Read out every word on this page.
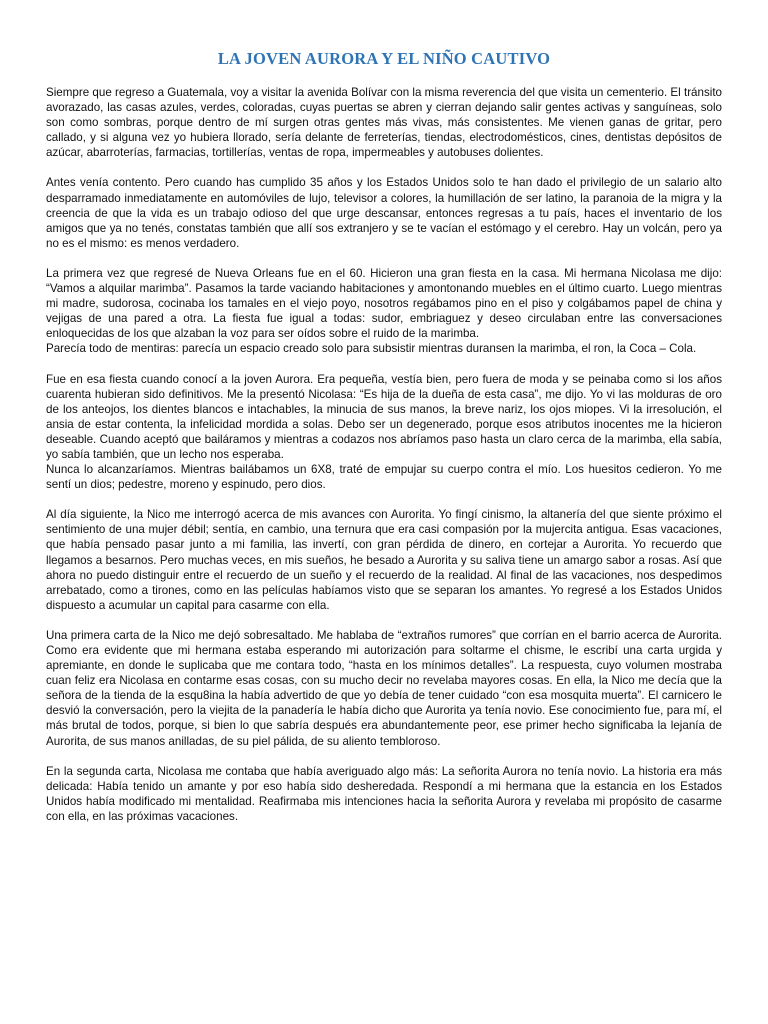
LA JOVEN AURORA Y EL NIÑO CAUTIVO

Siempre que regreso a Guatemala, voy a visitar la avenida Bolívar con la misma reverencia del que visita un cementerio. El tránsito avorazado, las casas azules, verdes, coloradas, cuyas puertas se abren y cierran dejando salir gentes activas y sanguíneas, solo son como sombras, porque dentro de mí surgen otras gentes más vivas, más consistentes. Me vienen ganas de gritar, pero callado, y si alguna vez yo hubiera llorado, sería delante de ferreterías, tiendas, electrodomésticos, cines, dentistas depósitos de azúcar, abarroterías, farmacias, tortillerías, ventas de ropa, impermeables y autobuses dolientes.

Antes venía contento. Pero cuando has cumplido 35 años y los Estados Unidos solo te han dado el privilegio de un salario alto desparramado inmediatamente en automóviles de lujo, televisor a colores, la humillación de ser latino, la paranoia de la migra y la creencia de que la vida es un trabajo odioso del que urge descansar, entonces regresas a tu país, haces el inventario de los amigos que ya no tenés, constatas también que allí sos extranjero y se te vacían el estómago y el cerebro. Hay un volcán, pero ya no es el mismo: es menos verdadero.

La primera vez que regresé de Nueva Orleans fue en el 60. Hicieron una gran fiesta en la casa. Mi hermana Nicolasa me dijo: “Vamos a alquilar marimba”. Pasamos la tarde vaciando habitaciones y amontonando muebles en el último cuarto. Luego mientras mi madre, sudorosa, cocinaba los tamales en el viejo poyo, nosotros regábamos pino en el piso y colgábamos papel de china y vejigas de una pared a otra. La fiesta fue igual a todas: sudor, embriaguez y deseo circulaban entre las conversaciones enloquecidas de los que alzaban la voz para ser oídos sobre el ruido de la marimba.
Parecía todo de mentiras: parecía un espacio creado solo para subsistir mientras duransen la marimba, el ron, la Coca – Cola.

Fue en esa fiesta cuando conocí a la joven Aurora. Era pequeña, vestía bien, pero fuera de moda y se peinaba como si los años cuarenta hubieran sido definitivos. Me la presentó Nicolasa: “Es hija de la dueña de esta casa”, me dijo. Yo vi las molduras de oro de los anteojos, los dientes blancos e intachables, la minucia de sus manos, la breve nariz, los ojos miopes. Vi la irresolución, el ansia de estar contenta, la infelicidad mordida a solas. Debo ser un degenerado, porque esos atributos inocentes me la hicieron deseable. Cuando aceptó que bailáramos y mientras a codazos nos abríamos paso hasta un claro cerca de la marimba, ella sabía, yo sabía también, que un lecho nos esperaba.
Nunca lo alcanzaríamos. Mientras bailábamos un 6X8, traté de empujar su cuerpo contra el mío. Los huesitos cedieron. Yo me sentí un dios; pedestre, moreno y espinudo, pero dios.

Al día siguiente, la Nico me interrogó acerca de mis avances con Aurorita. Yo fingí cinismo, la altanería del que siente próximo el sentimiento de una mujer débil; sentía, en cambio, una ternura que era casi compasión por la mujercita antigua. Esas vacaciones, que había pensado pasar junto a mi familia, las invertí, con gran pérdida de dinero, en cortejar a Aurorita. Yo recuerdo que llegamos a besarnos. Pero muchas veces, en mis sueños, he besado a Aurorita y su saliva tiene un amargo sabor a rosas. Así que ahora no puedo distinguir entre el recuerdo de un sueño y el recuerdo de la realidad. Al final de las vacaciones, nos despedimos arrebatado, como a tirones, como en las películas habíamos visto que se separan los amantes. Yo regresé a los Estados Unidos dispuesto a acumular un capital para casarme con ella.

Una primera carta de la Nico me dejó sobresaltado. Me hablaba de “extraños rumores” que corrían en el barrio acerca de Aurorita. Como era evidente que mi hermana estaba esperando mi autorización para soltarme el chisme, le escribí una carta urgida y apremiante, en donde le suplicaba que me contara todo, “hasta en los mínimos detalles”. La respuesta, cuyo volumen mostraba cuan feliz era Nicolasa en contarme esas cosas, con su mucho decir no revelaba mayores cosas. En ella, la Nico me decía que la señora de la tienda de la esqu8ina la había advertido de que yo debía de tener cuidado “con esa mosquita muerta”. El carnicero le desvió la conversación, pero la viejita de la panadería le había dicho que Aurorita ya tenía novio. Ese conocimiento fue, para mí, el más brutal de todos, porque, si bien lo que sabría después era abundantemente peor, ese primer hecho significaba la lejanía de Aurorita, de sus manos anilladas, de su piel pálida, de su aliento tembloroso.

En la segunda carta, Nicolasa me contaba que había averiguado algo más: La señorita Aurora no tenía novio. La historia era más delicada: Había tenido un amante y por eso había sido desheredada. Respondí a mi hermana que la estancia en los Estados Unidos había modificado mi mentalidad. Reafirmaba mis intenciones hacia la señorita Aurora y revelaba mi propósito de casarme con ella, en las próximas vacaciones.
